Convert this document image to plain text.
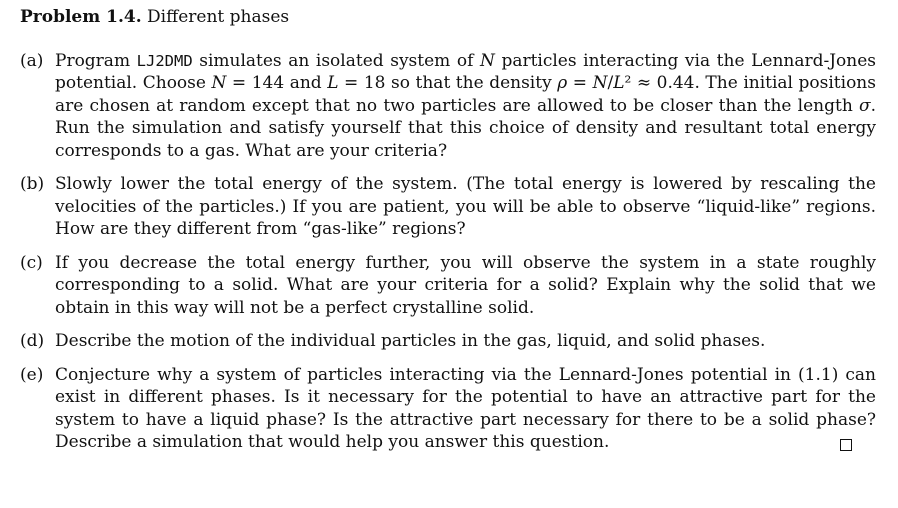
Problem 1.4. Different phases
(a) Program LJ2DMD simulates an isolated system of N particles interacting via the Lennard-Jones potential. Choose N = 144 and L = 18 so that the density ρ = N/L² ≈ 0.44. The initial positions are chosen at random except that no two particles are allowed to be closer than the length σ. Run the simulation and satisfy yourself that this choice of density and resultant total energy corresponds to a gas. What are your criteria?
(b) Slowly lower the total energy of the system. (The total energy is lowered by rescaling the velocities of the particles.) If you are patient, you will be able to observe “liquid-like” regions. How are they different from “gas-like” regions?
(c) If you decrease the total energy further, you will observe the system in a state roughly corresponding to a solid. What are your criteria for a solid? Explain why the solid that we obtain in this way will not be a perfect crystalline solid.
(d) Describe the motion of the individual particles in the gas, liquid, and solid phases.
(e) Conjecture why a system of particles interacting via the Lennard-Jones potential in (1.1) can exist in different phases. Is it necessary for the potential to have an attractive part for the system to have a liquid phase? Is the attractive part necessary for there to be a solid phase? Describe a simulation that would help you answer this question.
